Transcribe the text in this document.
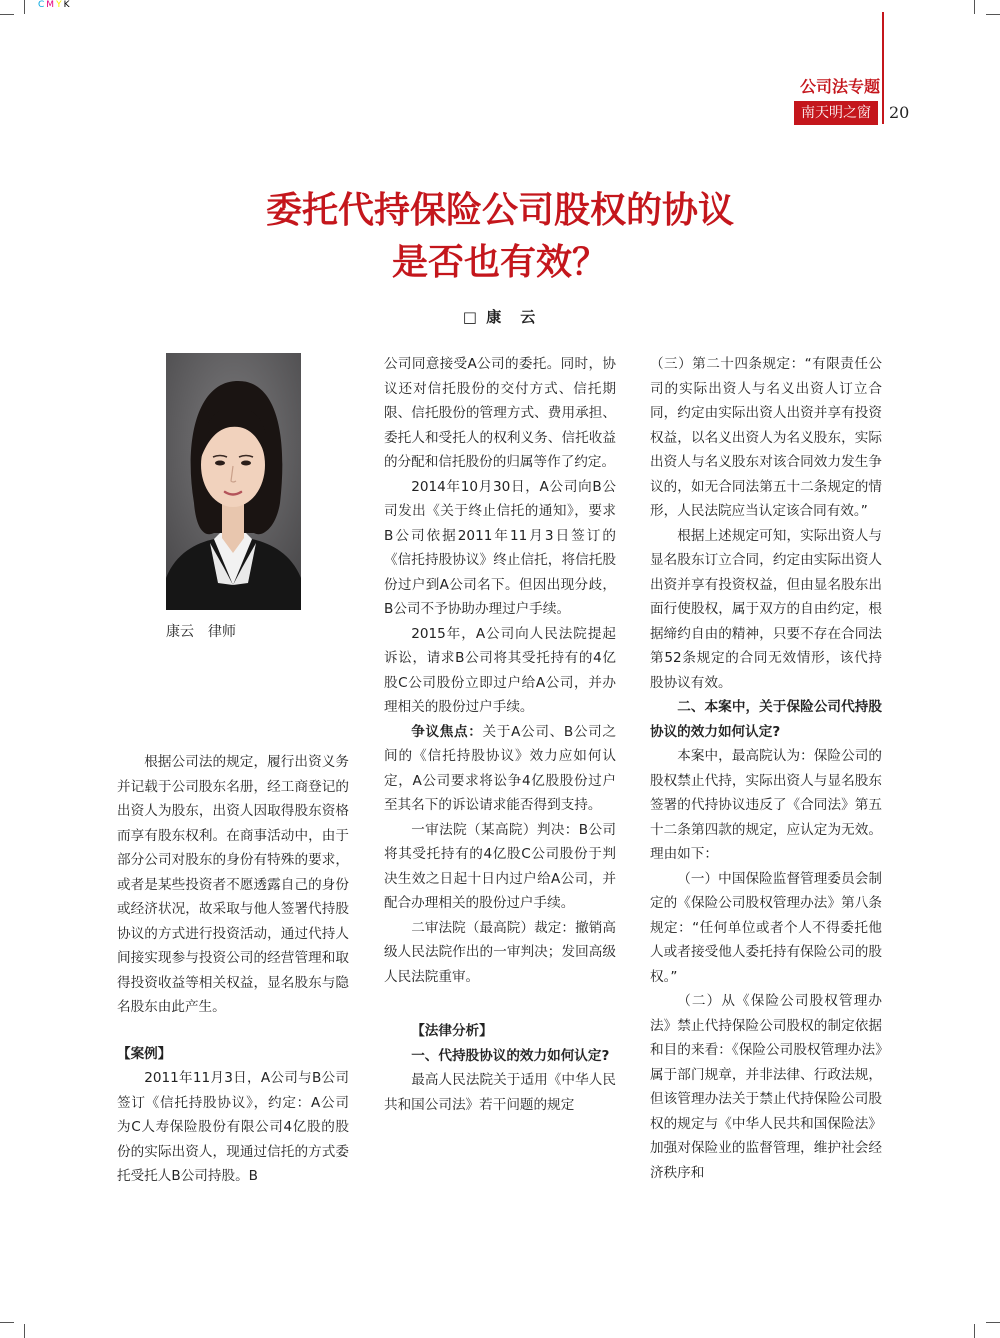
CMYK
公司法专题
南天明之窗	20
委托代持保险公司股权的协议
是否也有效？
□ 康　云
康云　律师

根据公司法的规定，履行出资义务并记载于公司股东名册，经工商登记的出资人为股东，出资人因取得股东资格而享有股东权利。在商事活动中，由于部分公司对股东的身份有特殊的要求，或者是某些投资者不愿透露自己的身份或经济状况，故采取与他人签署代持股协议的方式进行投资活动，通过代持人间接实现参与投资公司的经营管理和取得投资收益等相关权益，显名股东与隐名股东由此产生。

【案例】

2011年11月3日，A公司与B公司签订《信托持股协议》，约定：A公司为C人寿保险股份有限公司4亿股的股份的实际出资人，现通过信托的方式委托受托人B公司持股。B

公司同意接受A公司的委托。同时，协议还对信托股份的交付方式、信托期限、信托股份的管理方式、费用承担、委托人和受托人的权利义务、信托收益的分配和信托股份的归属等作了约定。

2014年10月30日，A公司向B公司发出《关于终止信托的通知》，要求B公司依据2011年11月3日签订的《信托持股协议》终止信托，将信托股份过户到A公司名下。但因出现分歧，B公司不予协助办理过户手续。

2015年，A公司向人民法院提起诉讼，请求B公司将其受托持有的4亿股C公司股份立即过户给A公司，并办理相关的股份过户手续。

争议焦点：关于A公司、B公司之间的《信托持股协议》效力应如何认定，A公司要求将讼争4亿股股份过户至其名下的诉讼请求能否得到支持。

一审法院（某高院）判决：B公司将其受托持有的4亿股C公司股份于判决生效之日起十日内过户给A公司，并配合办理相关的股份过户手续。

二审法院（最高院）裁定：撤销高级人民法院作出的一审判决；发回高级人民法院重审。

【法律分析】

一、代持股协议的效力如何认定?

最高人民法院关于适用《中华人民共和国公司法》若干问题的规定

（三）第二十四条规定：“有限责任公司的实际出资人与名义出资人订立合同，约定由实际出资人出资并享有投资权益，以名义出资人为名义股东，实际出资人与名义股东对该合同效力发生争议的，如无合同法第五十二条规定的情形，人民法院应当认定该合同有效。”

根据上述规定可知，实际出资人与显名股东订立合同，约定由实际出资人出资并享有投资权益，但由显名股东出面行使股权，属于双方的自由约定，根据缔约自由的精神，只要不存在合同法第52条规定的合同无效情形，该代持股协议有效。

二、本案中，关于保险公司代持股协议的效力如何认定?

本案中，最高院认为：保险公司的股权禁止代持，实际出资人与显名股东签署的代持协议违反了《合同法》第五十二条第四款的规定，应认定为无效。理由如下：

（一）中国保险监督管理委员会制定的《保险公司股权管理办法》第八条规定：“任何单位或者个人不得委托他人或者接受他人委托持有保险公司的股权。”

（二）从《保险公司股权管理办法》禁止代持保险公司股权的制定依据和目的来看：《保险公司股权管理办法》属于部门规章，并非法律、行政法规，但该管理办法关于禁止代持保险公司股权的规定与《中华人民共和国保险法》加强对保险业的监督管理，维护社会经济秩序和
